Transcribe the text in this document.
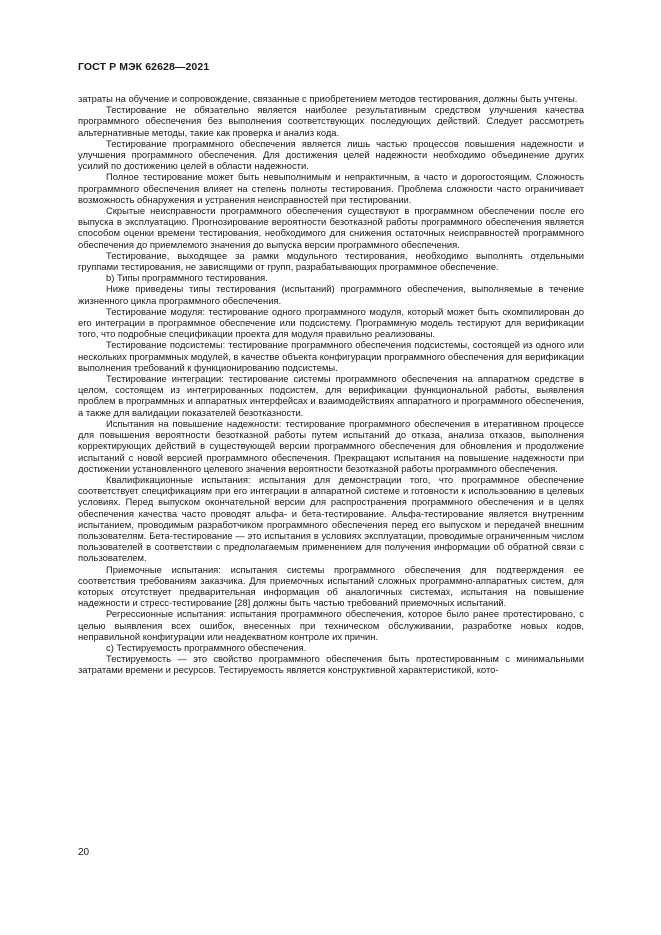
ГОСТ Р МЭК 62628—2021

затраты на обучение и сопровождение, связанные с приобретением методов тестирования, должны быть учтены.

Тестирование не обязательно является наиболее результативным средством улучшения качества программного обеспечения без выполнения соответствующих последующих действий. Следует рассмотреть альтернативные методы, такие как проверка и анализ кода.

Тестирование программного обеспечения является лишь частью процессов повышения надежности и улучшения программного обеспечения. Для достижения целей надежности необходимо объединение других усилий по достижению целей в области надежности.

Полное тестирование может быть невыполнимым и непрактичным, а часто и дорогостоящим. Сложность программного обеспечения влияет на степень полноты тестирования. Проблема сложности часто ограничивает возможность обнаружения и устранения неисправностей при тестировании.

Скрытые неисправности программного обеспечения существуют в программном обеспечении после его выпуска в эксплуатацию. Прогнозирование вероятности безотказной работы программного обеспечения является способом оценки времени тестирования, необходимого для снижения остаточных неисправностей программного обеспечения до приемлемого значения до выпуска версии программного обеспечения.

Тестирование, выходящее за рамки модульного тестирования, необходимо выполнять отдельными группами тестирования, не зависящими от групп, разрабатывающих программное обеспечение.

b) Типы программного тестирования.

Ниже приведены типы тестирования (испытаний) программного обеспечения, выполняемые в течение жизненного цикла программного обеспечения.

Тестирование модуля: тестирование одного программного модуля, который может быть скомпилирован до его интеграции в программное обеспечение или подсистему. Программную модель тестируют для верификации того, что подробные спецификации проекта для модуля правильно реализованы.

Тестирование подсистемы: тестирование программного обеспечения подсистемы, состоящей из одного или нескольких программных модулей, в качестве объекта конфигурации программного обеспечения для верификации выполнения требований к функционированию подсистемы.

Тестирование интеграции: тестирование системы программного обеспечения на аппаратном средстве в целом, состоящем из интегрированных подсистем, для верификации функциональной работы, выявления проблем в программных и аппаратных интерфейсах и взаимодействиях аппаратного и программного обеспечения, а также для валидации показателей безотказности.

Испытания на повышение надежности: тестирование программного обеспечения в итеративном процессе для повышения вероятности безотказной работы путем испытаний до отказа, анализа отказов, выполнения корректирующих действий в существующей версии программного обеспечения для обновления и продолжение испытаний с новой версией программного обеспечения. Прекращают испытания на повышение надежности при достижении установленного целевого значения вероятности безотказной работы программного обеспечения.

Квалификационные испытания: испытания для демонстрации того, что программное обеспечение соответствует спецификациям при его интеграции в аппаратной системе и готовности к использованию в целевых условиях. Перед выпуском окончательной версии для распространения программного обеспечения и в целях обеспечения качества часто проводят альфа- и бета-тестирование. Альфа-тестирование является внутренним испытанием, проводимым разработчиком программного обеспечения перед его выпуском и передачей внешним пользователям. Бета-тестирование — это испытания в условиях эксплуатации, проводимые ограниченным числом пользователей в соответствии с предполагаемым применением для получения информации об обратной связи с пользователем.

Приемочные испытания: испытания системы программного обеспечения для подтверждения ее соответствия требованиям заказчика. Для приемочных испытаний сложных программно-аппаратных систем, для которых отсутствует предварительная информация об аналогичных системах, испытания на повышение надежности и стресс-тестирование [28] должны быть частью требований приемочных испытаний.

Регрессионные испытания: испытания программного обеспечения, которое было ранее протестировано, с целью выявления всех ошибок, внесенных при техническом обслуживании, разработке новых кодов, неправильной конфигурации или неадекватном контроле их причин.

c) Тестируемость программного обеспечения.

Тестируемость — это свойство программного обеспечения быть протестированным с минимальными затратами времени и ресурсов. Тестируемость является конструктивной характеристикой, кото-

20
